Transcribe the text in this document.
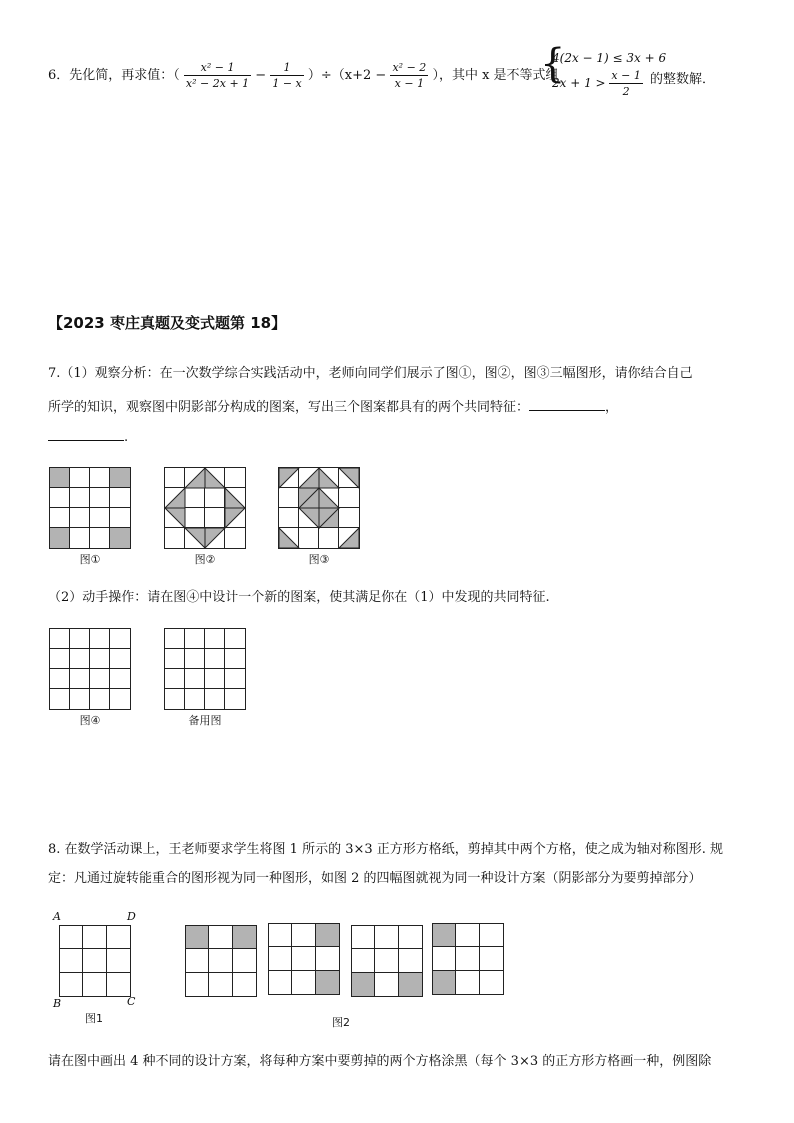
6．先化简，再求值：（ $\frac{\text{x² − 1}}{\text{x² − 2x + 1}} - \frac{1}{1 - x} )\div(x+2 - \frac{\text{x² − 2}}{x - 1}$ ），其中 x 是不等式组
{
4(2x − 1) ≤ 3x + 6
$2x + 1 > \frac{x - 1}{2}$ 的整数解．
【2023 枣庄真题及变式题第 18】
7.（1）观察分析：在一次数学综合实践活动中，老师向同学们展示了图①，图②，图③三幅图形，请你结合自己
所学的知识，观察图中阴影部分构成的图案，写出三个图案都具有的两个共同特征：	，
.
图①	图②	图③
（2）动手操作：请在图④中设计一个新的图案，使其满足你在（1）中发现的共同特征.
图④	备用图
8. 在数学活动课上，王老师要求学生将图 1 所示的 3×3 正方形方格纸，剪掉其中两个方格，使之成为轴对称图形. 规
定：凡通过旋转能重合的图形视为同一种图形，如图 2 的四幅图就视为同一种设计方案（阴影部分为要剪掉部分）
A	D
B	C
图1	图2
请在图中画出 4 种不同的设计方案，将每种方案中要剪掉的两个方格涂黑（每个 3×3 的正方形方格画一种，例图除
